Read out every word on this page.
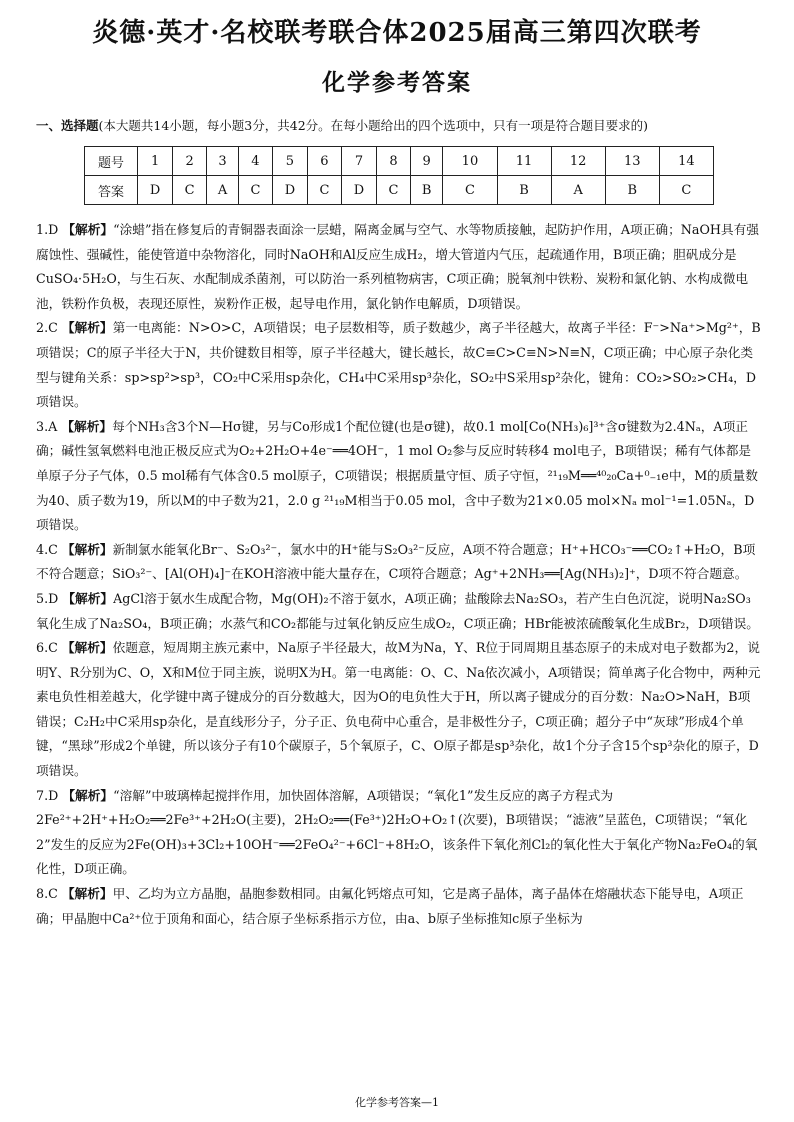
炎德·英才·名校联考联合体2025届高三第四次联考
化学参考答案
一、选择题(本大题共14小题，每小题3分，共42分。在每小题给出的四个选项中，只有一项是符合题目要求的)
题号	1	2	3	4	5	6	7	8	9	10	11	12	13	14
答案	D	C	A	C	D	C	D	C	B	C	B	A	B	C
1.D 【解析】“涂蜡”指在修复后的青铜器表面涂一层蜡，隔离金属与空气、水等物质接触，起防护作用，A项正确；NaOH具有强腐蚀性、强碱性，能使管道中杂物溶化，同时NaOH和Al反应生成H₂，增大管道内气压，起疏通作用，B项正确；胆矾成分是CuSO₄·5H₂O，与生石灰、水配制成杀菌剂，可以防治一系列植物病害，C项正确；脱氧剂中铁粉、炭粉和氯化钠、水构成微电池，铁粉作负极，表现还原性，炭粉作正极，起导电作用，氯化钠作电解质，D项错误。
2.C 【解析】第一电离能：N>O>C，A项错误；电子层数相等，质子数越少，离子半径越大，故离子半径：F⁻>Na⁺>Mg²⁺，B项错误；C的原子半径大于N，共价键数目相等，原子半径越大，键长越长，故C≡C>C≡N>N≡N，C项正确；中心原子杂化类型与键角关系：sp>sp²>sp³，CO₂中C采用sp杂化，CH₄中C采用sp³杂化，SO₂中S采用sp²杂化，键角：CO₂>SO₂>CH₄，D项错误。
3.A 【解析】每个NH₃含3个N—Hσ键，另与Co形成1个配位键(也是σ键)，故0.1 mol[Co(NH₃)₆]³⁺含σ键数为2.4Nₐ，A项正确；碱性氢氧燃料电池正极反应式为O₂+2H₂O+4e⁻══4OH⁻，1 mol O₂参与反应时转移4 mol电子，B项错误；稀有气体都是单原子分子气体，0.5 mol稀有气体含0.5 mol原子，C项错误；根据质量守恒、质子守恒，²¹₁₉M══⁴⁰₂₀Ca+⁰₋₁e中，M的质量数为40、质子数为19，所以M的中子数为21，2.0 g ²¹₁₉M相当于0.05 mol，含中子数为21×0.05 mol×Nₐ mol⁻¹=1.05Nₐ，D项错误。
4.C 【解析】新制氯水能氧化Br⁻、S₂O₃²⁻，氯水中的H⁺能与S₂O₃²⁻反应，A项不符合题意；H⁺+HCO₃⁻══CO₂↑+H₂O，B项不符合题意；SiO₃²⁻、[Al(OH)₄]⁻在KOH溶液中能大量存在，C项符合题意；Ag⁺+2NH₃══[Ag(NH₃)₂]⁺，D项不符合题意。
5.D 【解析】AgCl溶于氨水生成配合物，Mg(OH)₂不溶于氨水，A项正确；盐酸除去Na₂SO₃，若产生白色沉淀，说明Na₂SO₃氧化生成了Na₂SO₄，B项正确；水蒸气和CO₂都能与过氧化钠反应生成O₂，C项正确；HBr能被浓硫酸氧化生成Br₂，D项错误。
6.C 【解析】依题意，短周期主族元素中，Na原子半径最大，故M为Na，Y、R位于同周期且基态原子的未成对电子数都为2，说明Y、R分别为C、O，X和M位于同主族，说明X为H。第一电离能：O、C、Na依次减小，A项错误；简单离子化合物中，两种元素电负性相差越大，化学键中离子键成分的百分数越大，因为O的电负性大于H，所以离子键成分的百分数：Na₂O>NaH，B项错误；C₂H₂中C采用sp杂化，是直线形分子，分子正、负电荷中心重合，是非极性分子，C项正确；超分子中“灰球”形成4个单键，“黑球”形成2个单键，所以该分子有10个碳原子，5个氧原子，C、O原子都是sp³杂化，故1个分子含15个sp³杂化的原子，D项错误。
7.D 【解析】“溶解”中玻璃棒起搅拌作用，加快固体溶解，A项错误；“氧化1”发生反应的离子方程式为2Fe²⁺+2H⁺+H₂O₂══2Fe³⁺+2H₂O(主要)，2H₂O₂══(Fe³⁺)2H₂O+O₂↑(次要)，B项错误；“滤液”呈蓝色，C项错误；“氧化2”发生的反应为2Fe(OH)₃+3Cl₂+10OH⁻══2FeO₄²⁻+6Cl⁻+8H₂O，该条件下氧化剂Cl₂的氧化性大于氧化产物Na₂FeO₄的氧化性，D项正确。
8.C 【解析】甲、乙均为立方晶胞，晶胞参数相同。由氟化钙熔点可知，它是离子晶体，离子晶体在熔融状态下能导电，A项正确；甲晶胞中Ca²⁺位于顶角和面心，结合原子坐标系指示方位，由a、b原子坐标推知c原子坐标为
化学参考答案—1
